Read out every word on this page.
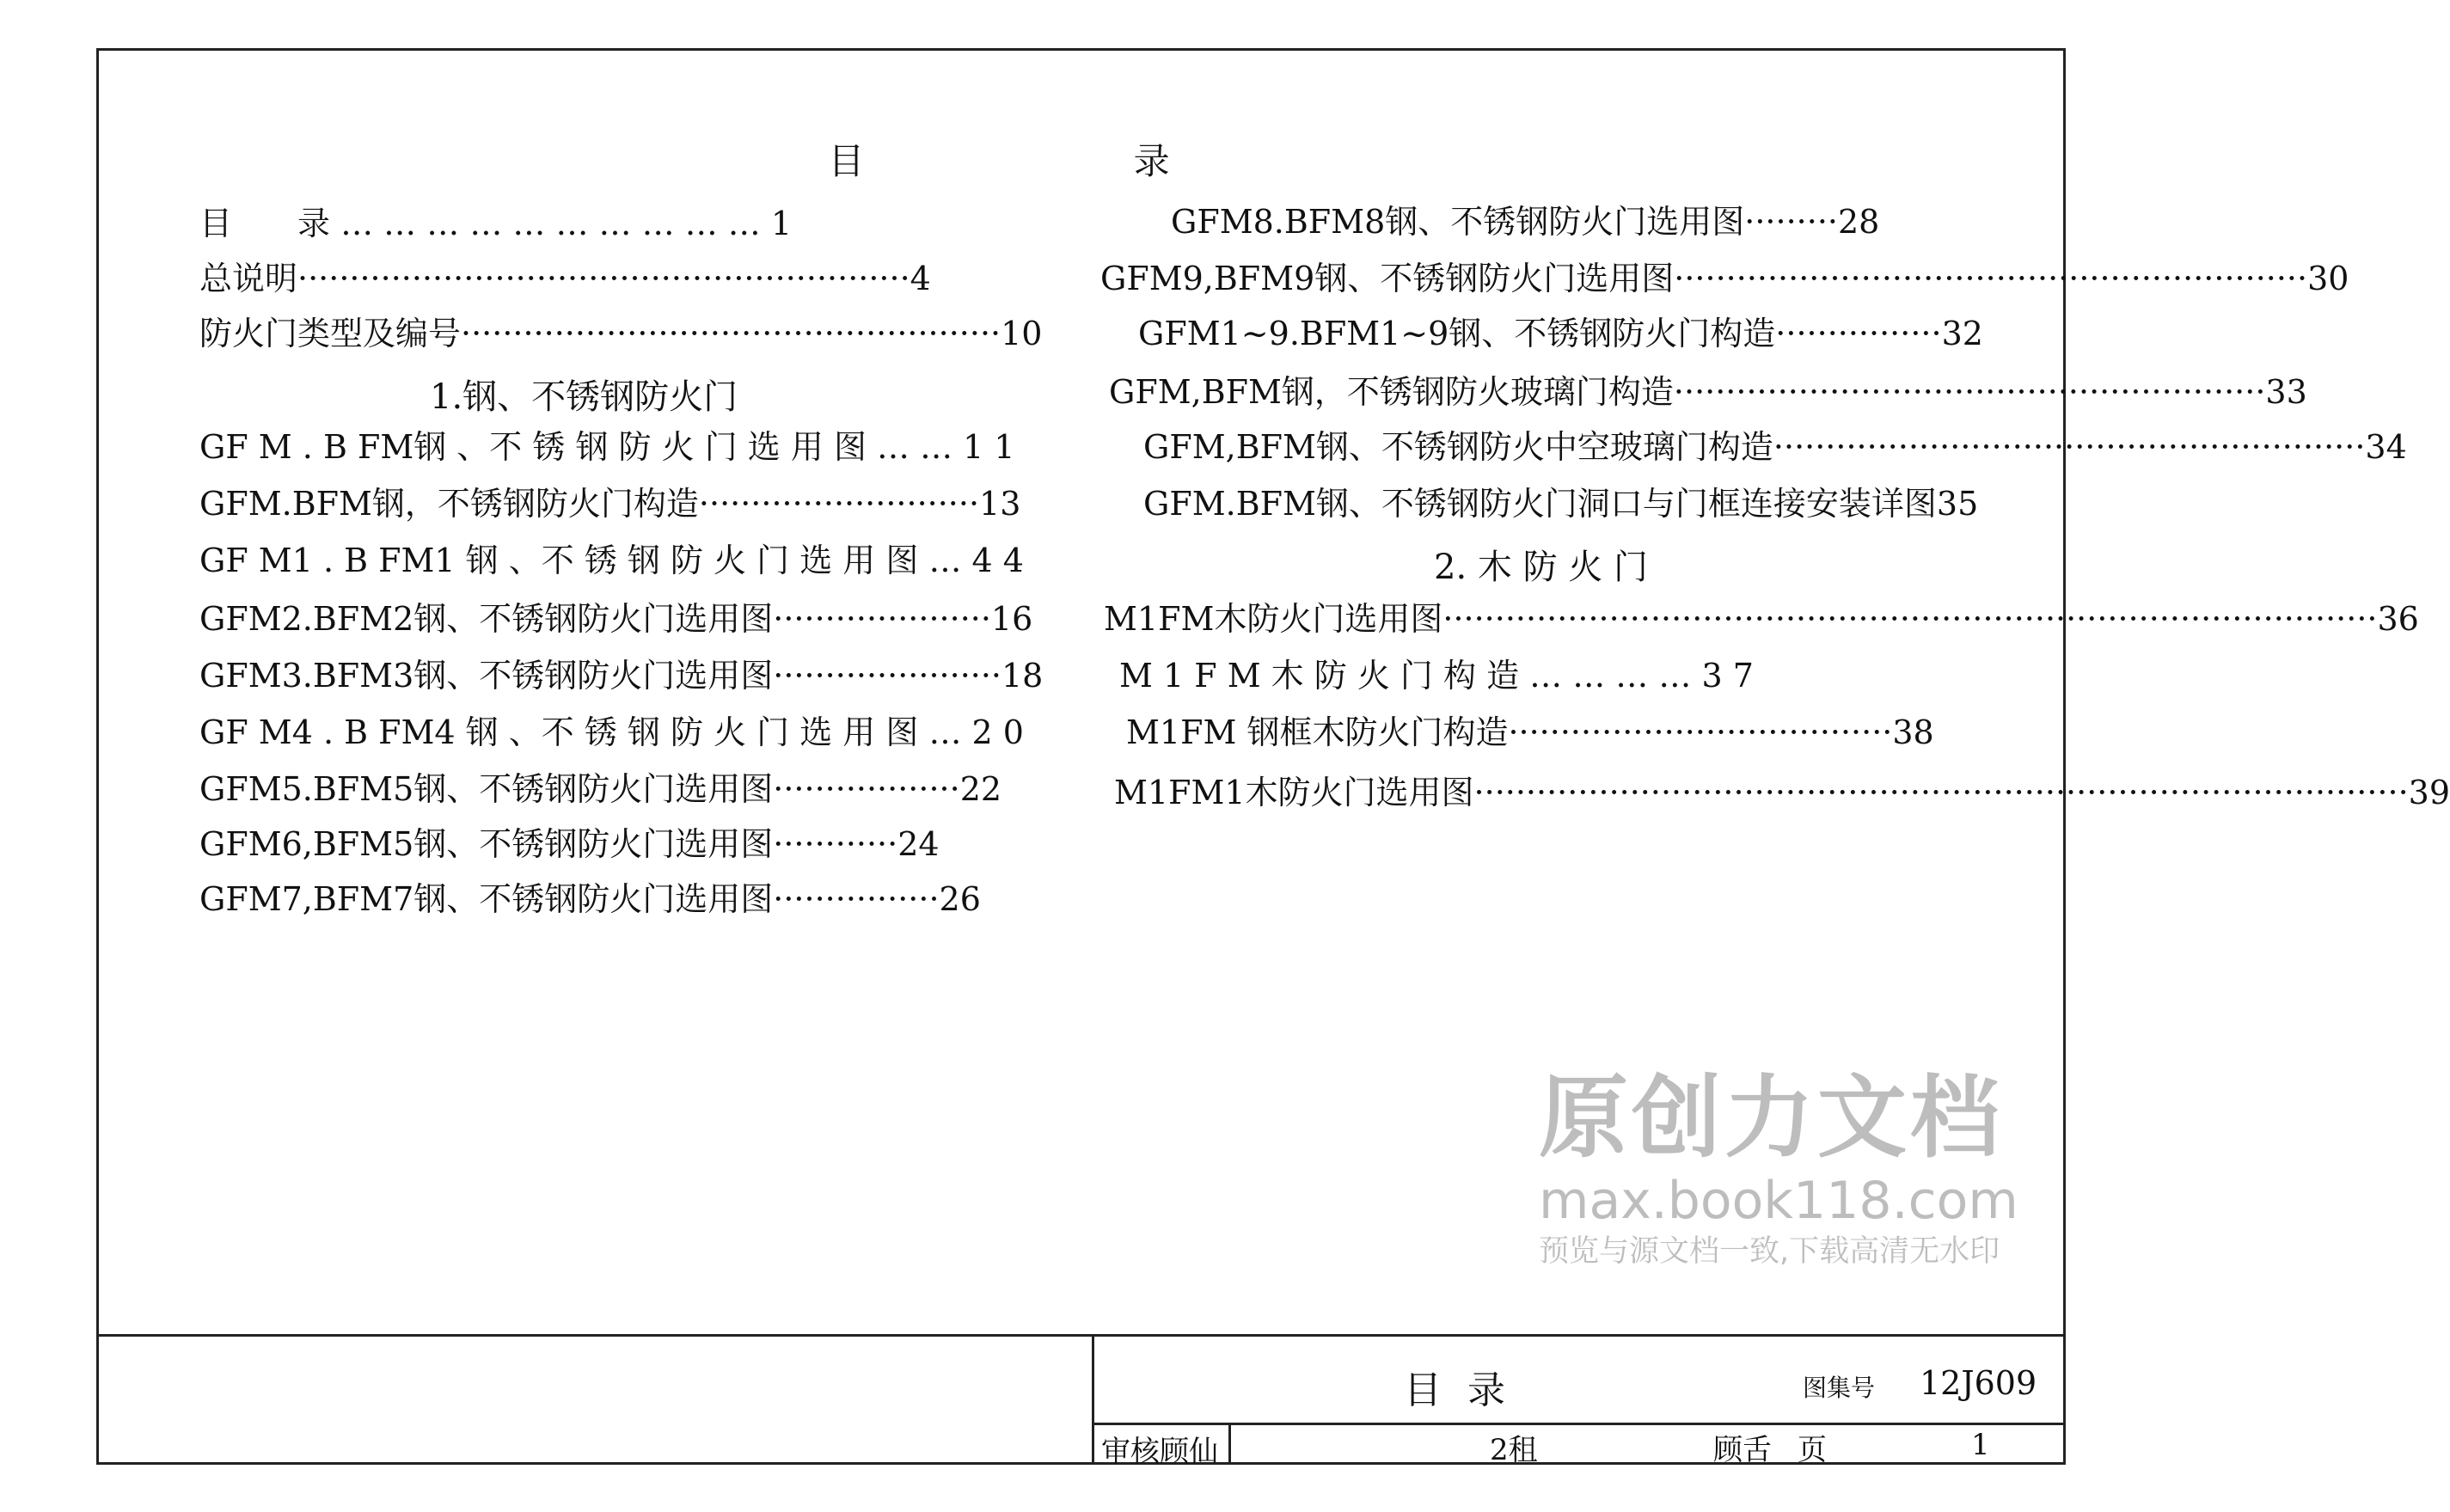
目 录
目　　录 … … … … … … … … … … 1
总说明···························································4
防火门类型及编号····················································10
1.钢、不锈钢防火门
GF M . B FM钢 、不 锈 钢 防 火 门 选 用 图 … … 1 1
GFM.BFM钢，不锈钢防火门构造···························13
GF M1 . B FM1 钢 、不 锈 钢 防 火 门 选 用 图 … 4 4
GFM2.BFM2钢、不锈钢防火门选用图·····················16
GFM3.BFM3钢、不锈钢防火门选用图······················18
GF M4 . B FM4 钢 、不 锈 钢 防 火 门 选 用 图 … 2 0
GFM5.BFM5钢、不锈钢防火门选用图··················22
GFM6,BFM5钢、不锈钢防火门选用图············24
GFM7,BFM7钢、不锈钢防火门选用图················26
GFM8.BFM8钢、不锈钢防火门选用图·········28
GFM9,BFM9钢、不锈钢防火门选用图·····························································30
GFM1~9.BFM1~9钢、不锈钢防火门构造················32
GFM,BFM钢，不锈钢防火玻璃门构造·························································33
GFM,BFM钢、不锈钢防火中空玻璃门构造·························································34
GFM.BFM钢、不锈钢防火门洞口与门框连接安装详图35
2. 木 防 火 门
M1FM木防火门选用图··························································································36
M 1 F M 木 防 火 门 构 造 … … … … 3 7
M1FM 钢框木防火门构造·····································38
M1FM1木防火门选用图··························································································39
原创力文档
max.book118.com
预览与源文档一致,下载高清无水印
目 录	图集号 12J609
审核顾仙	2租	顾舌 页	1
